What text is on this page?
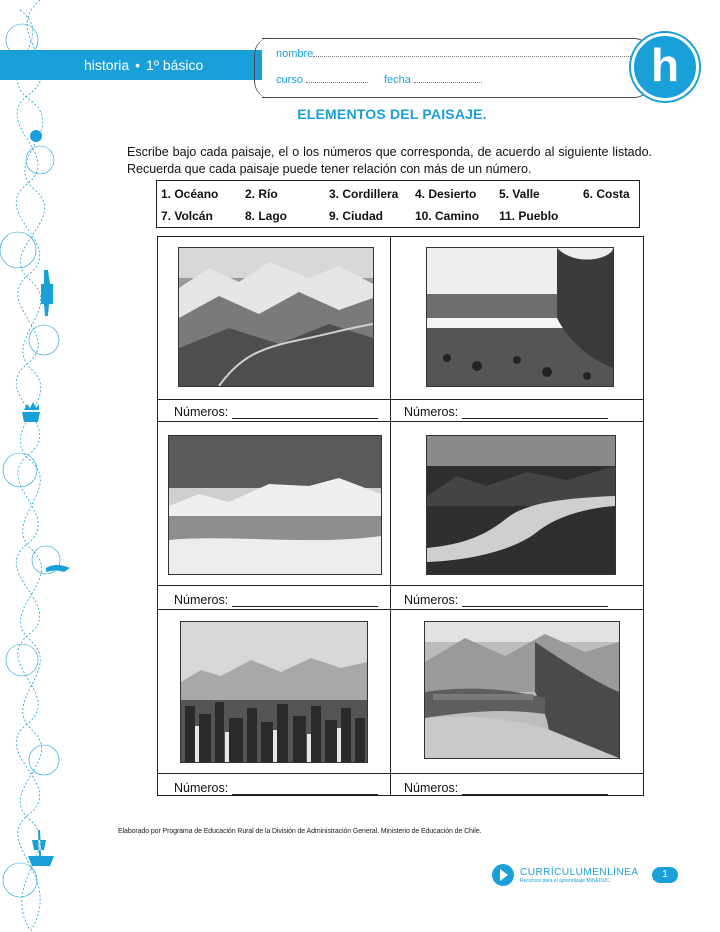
historia • 1º básico
nombre
curso	fecha	h
ELEMENTOS DEL PAISAJE.
Escribe bajo cada paisaje, el o los números que corresponda, de acuerdo al siguiente listado. Recuerda que cada paisaje puede tener relación con más de un número.
1. Océano	2. Río	3. Cordillera	4. Desierto	5. Valle	6. Costa
7. Volcán	8. Lago	9. Ciudad	10. Camino	11. Pueblo
Números:	Números:
Números:	Números:
Números:	Números:
Elaborado por Programa de Educación Rural de la División de Administración General. Ministerio de Educación de Chile.
CURRÍCULUMENLÍNEA
Recursos para el aprendizaje MINEDUC
1
